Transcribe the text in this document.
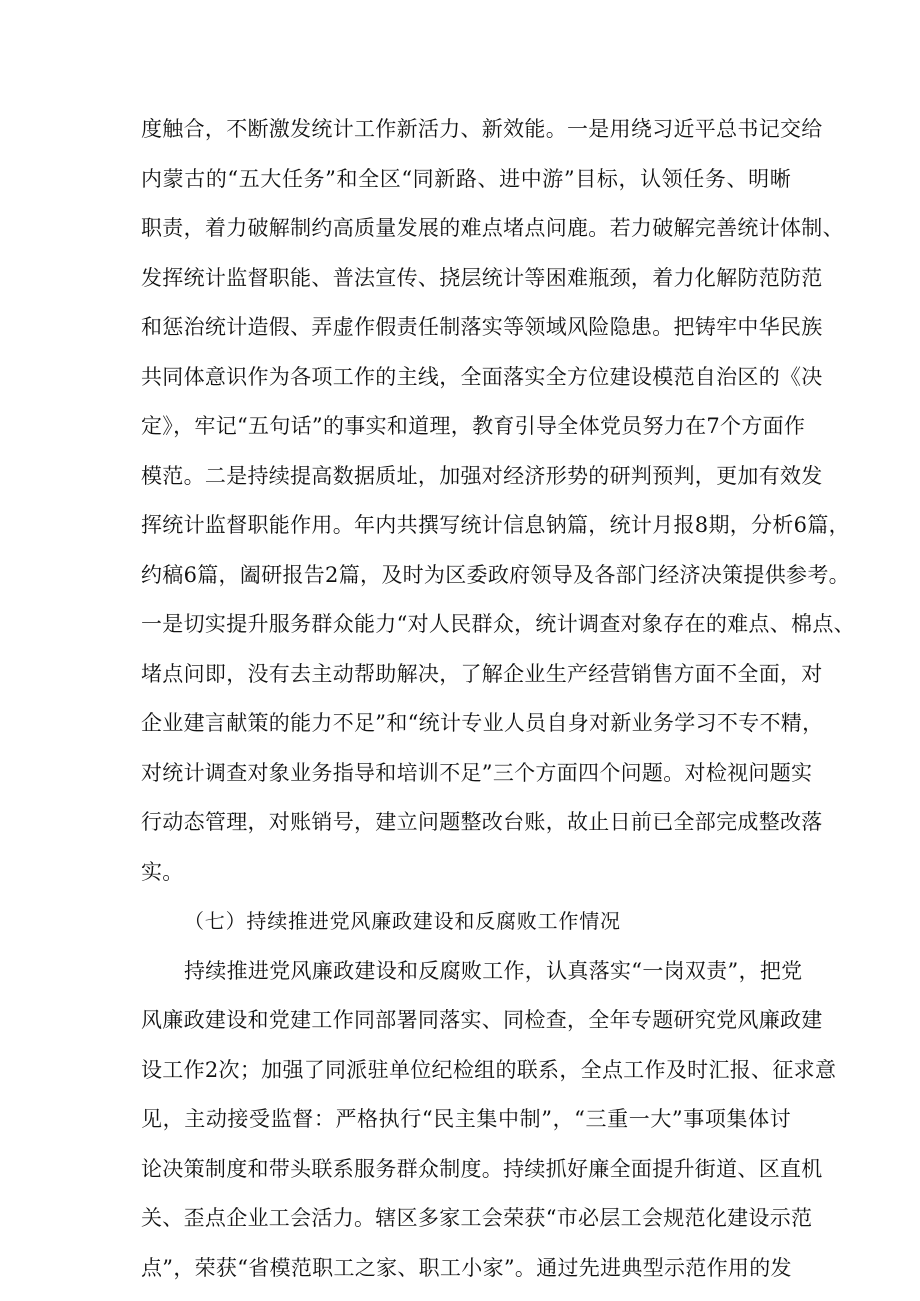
度触合，不断激发统计工作新活力、新效能。一是用绕习近平总书记交给
内蒙古的“五大任务”和全区“同新路、进中游”目标，认领任务、明晰
职责，着力破解制约高质量发展的难点堵点问鹿。若力破解完善统计体制、
发挥统计监督职能、普法宣传、挠层统计等困难瓶颈，着力化解防范防范
和惩治统计造假、弄虚作假责任制落实等领域风险隐患。把铸牢中华民族
共同体意识作为各项工作的主线，全面落实全方位建设模范自治区的《决
定》，牢记“五句话”的事实和道理，教育引导全体党员努力在7个方面作
模范。二是持续提高数据质址，加强对经济形势的研判预判，更加有效发
挥统计监督职能作用。年内共撰写统计信息钠篇，统计月报8期，分析6篇，
约稿6篇，阖研报告2篇，及时为区委政府领导及各部门经济决策提供参考。
一是切实提升服务群众能力“对人民群众，统计调查对象存在的难点、棉点、
堵点问即，没有去主动帮助解决，了解企业生产经营销售方面不全面，对
企业建言献策的能力不足”和“统计专业人员自身对新业务学习不专不精，
对统计调查对象业务指导和培训不足”三个方面四个问题。对检视问题实
行动态管理，对账销号，建立问题整改台账，故止日前已全部完成整改落
实。
（七）持续推进党风廉政建设和反腐败工作情况
持续推进党风廉政建设和反腐败工作，认真落实“一岗双责”，把党
风廉政建设和党建工作同部署同落实、同检查，全年专题研究党风廉政建
设工作2次；加强了同派驻单位纪检组的联系，全点工作及时汇报、征求意
见，主动接受监督：严格执行“民主集中制”，“三重一大”事项集体讨
论决策制度和带头联系服务群众制度。持续抓好廉全面提升街道、区直机
关、歪点企业工会活力。辖区多家工会荣获“市必层工会规范化建设示范
点”，荣获“省模范职工之家、职工小家”。通过先进典型示范作用的发
